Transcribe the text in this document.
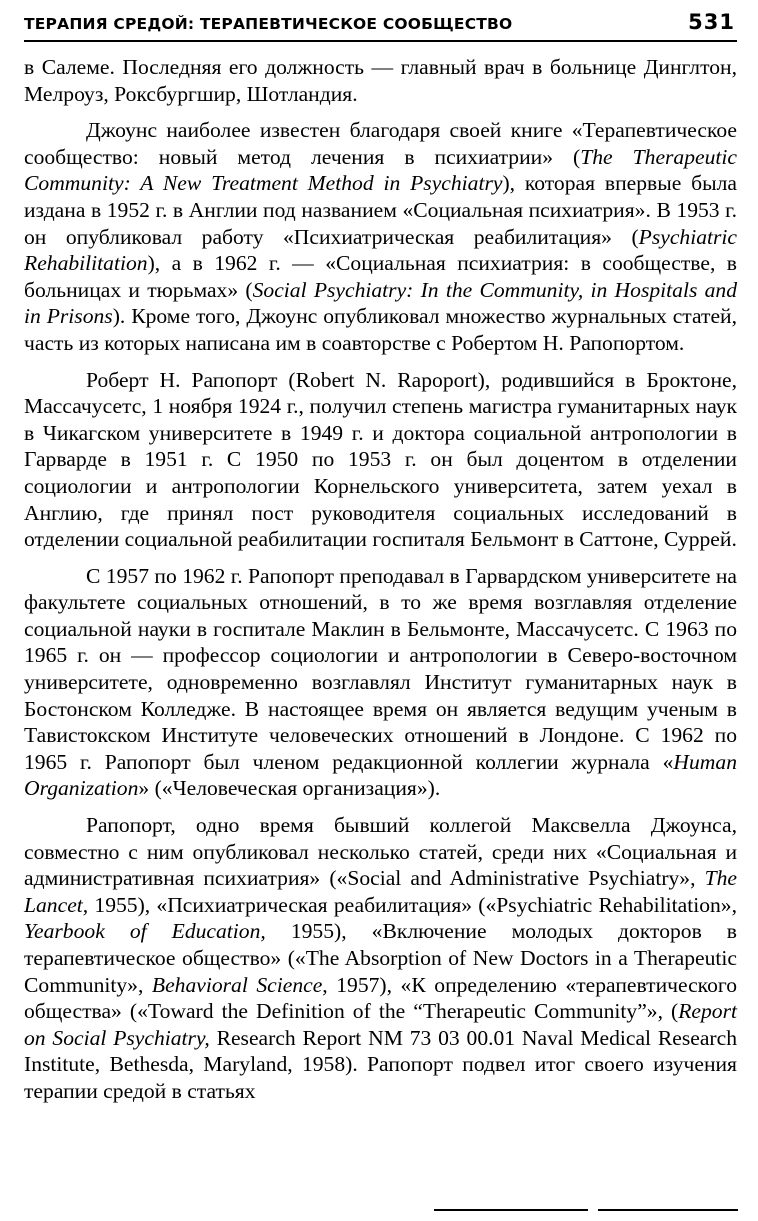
ТЕРАПИЯ СРЕДОЙ: ТЕРАПЕВТИЧЕСКОЕ СООБЩЕСТВО	531

в Салеме. Последняя его должность — главный врач в больнице Динглтон, Мелроуз, Роксбургшир, Шотландия.

Джоунс наиболее известен благодаря своей книге «Терапевтическое сообщество: новый метод лечения в психиатрии» (The Therapeutic Community: A New Treatment Method in Psychiatry), которая впервые была издана в 1952 г. в Англии под названием «Социальная психиатрия». В 1953 г. он опубликовал работу «Психиатрическая реабилитация» (Psychiatric Rehabilitation), а в 1962 г. — «Социальная психиатрия: в сообществе, в больницах и тюрьмах» (Social Psychiatry: In the Community, in Hospitals and in Prisons). Кроме того, Джоунс опубликовал множество журнальных статей, часть из которых написана им в соавторстве с Робертом Н. Рапопортом.

Роберт Н. Рапопорт (Robert N. Rapoport), родившийся в Броктоне, Массачусетс, 1 ноября 1924 г., получил степень магистра гуманитарных наук в Чикагском университете в 1949 г. и доктора социальной антропологии в Гарварде в 1951 г. С 1950 по 1953 г. он был доцентом в отделении социологии и антропологии Корнельского университета, затем уехал в Англию, где принял пост руководителя социальных исследований в отделении социальной реабилитации госпиталя Бельмонт в Саттоне, Суррей.

С 1957 по 1962 г. Рапопорт преподавал в Гарвардском университете на факультете социальных отношений, в то же время возглавляя отделение социальной науки в госпитале Маклин в Бельмонте, Массачусетс. С 1963 по 1965 г. он — профессор социологии и антропологии в Северо-восточном университете, одновременно возглавлял Институт гуманитарных наук в Бостонском Колледже. В настоящее время он является ведущим ученым в Тавистокском Институте человеческих отношений в Лондоне. С 1962 по 1965 г. Рапопорт был членом редакционной коллегии журнала «Human Organization» («Человеческая организация»).

Рапопорт, одно время бывший коллегой Максвелла Джоунса, совместно с ним опубликовал несколько статей, среди них «Социальная и административная психиатрия» («Social and Administrative Psychiatry», The Lancet, 1955), «Психиатрическая реабилитация» («Psychiatric Rehabilitation», Yearbook of Education, 1955), «Включение молодых докторов в терапевтическое общество» («The Absorption of New Doctors in a Therapeutic Community», Behavioral Science, 1957), «К определению «терапевтического общества» («Toward the Definition of the “Therapeutic Community”», (Report on Social Psychiatry, Research Report NM 73 03 00.01 Naval Medical Research Institute, Bethesda, Maryland, 1958). Рапопорт подвел итог своего изучения терапии средой в статьях
